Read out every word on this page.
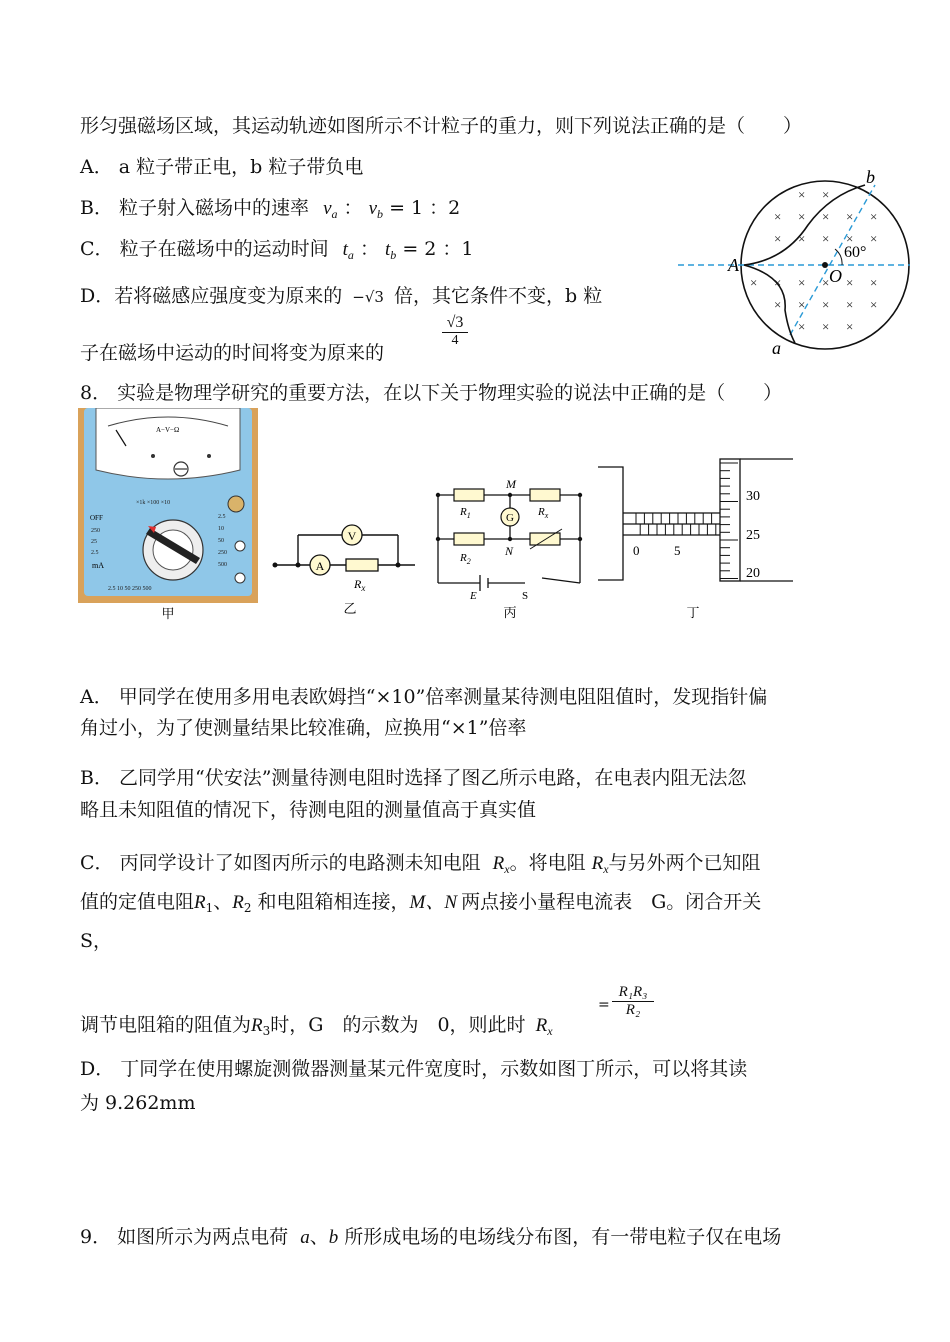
形匀强磁场区域，其运动轨迹如图所示不计粒子的重力，则下列说法正确的是（　　）
A． a 粒子带正电，b 粒子带负电
B． 粒子射入磁场中的速率 $v_a$ ： $v_b = 1$ ：2
C． 粒子在磁场中的运动时间 $t_a$ ： $t_b = 2$ ：1
D．若将磁感应强度变为原来的 −√3 倍，其它条件不变，b 粒
子在磁场中运动的时间将变为原来的
$\frac{√3}{4}$
× ×
× × × × ×
× × × × ×
× × × × × ×
× × × × ×
× × ×
A
O
60°
b
a
8． 实验是物理学研究的重要方法，在以下关于物理实验的说法中正确的是（　　）
A−V−Ω
OFF
mA
×1k ×100 ×10
250
25
2.5
2.5
10
50
250
500
2.5 10 50 250 500
甲
V
A
$R_x$
乙
G
M
N
$R_1$	$R_x$
$R_2$
E	S
丙
0	5
30
25
20
丁
A． 甲同学在使用多用电表欧姆挡“×10”倍率测量某待测电阻阻值时，发现指针偏
角过小，为了使测量结果比较准确，应换用“×1”倍率
B． 乙同学用“伏安法”测量待测电阻时选择了图乙所示电路，在电表内阻无法忽
略且未知阻值的情况下，待测电阻的测量值高于真实值
C． 丙同学设计了如图丙所示的电路测未知电阻 $R_x$。将电阻 $R_x$与另外两个已知阻
值的定值电阻$R_1$、$R_2$ 和电阻箱相连接，M、N 两点接小量程电流表　G。闭合开关
S，
调节电阻箱的阻值为$R_3$时，G　的示数为　0，则此时 $R_x$
= $\frac{\text{R₁R₃}}{\text{R₂}}$
D． 丁同学在使用螺旋测微器测量某元件宽度时，示数如图丁所示，可以将其读
为 9.262mm
9． 如图所示为两点电荷 a、b 所形成电场的电场线分布图，有一带电粒子仅在电场
